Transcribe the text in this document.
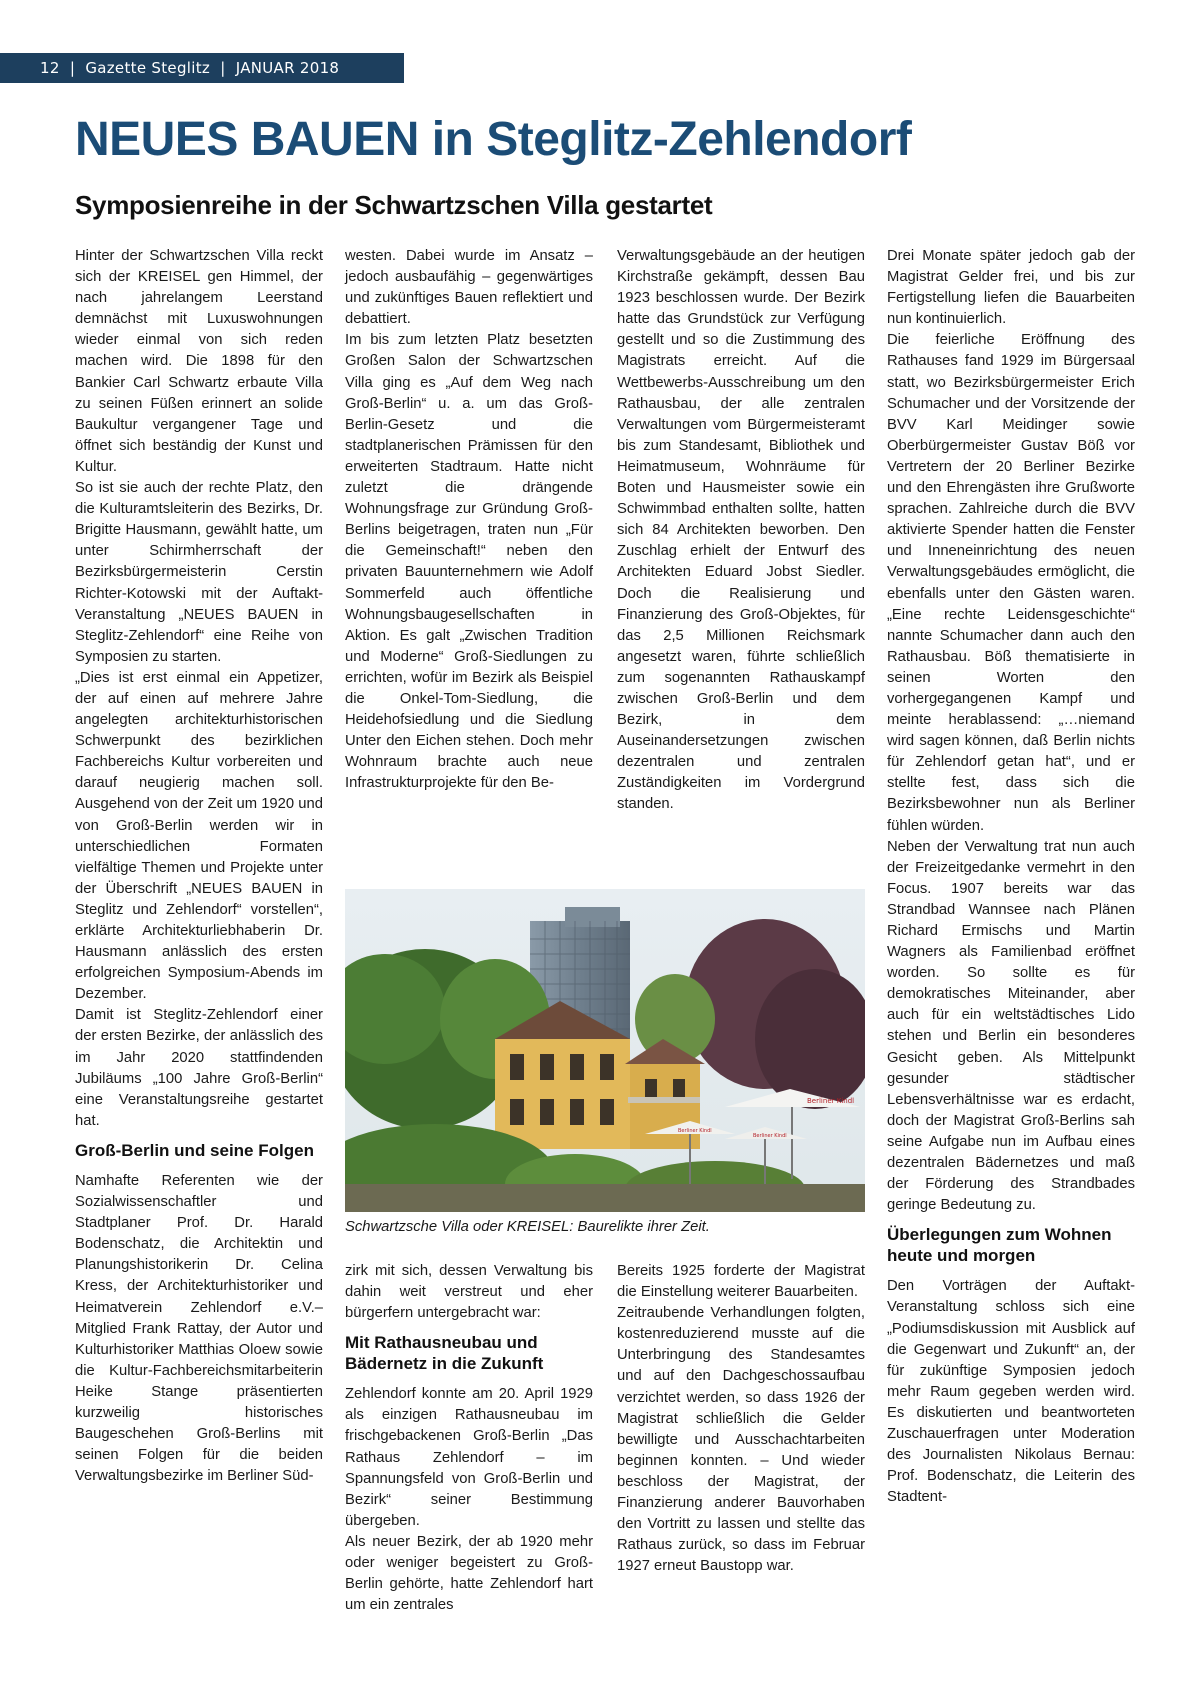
12  |  Gazette Steglitz  |  JANUAR 2018
NEUES BAUEN in Steglitz-Zehlendorf
Symposienreihe in der Schwartzschen Villa gestartet

Hinter der Schwartzschen Villa reckt sich der KREISEL gen Himmel, der nach jahrelangem Leerstand demnächst mit Luxuswohnungen wieder einmal von sich reden machen wird. Die 1898 für den Bankier Carl Schwartz erbaute Villa zu seinen Füßen erinnert an solide Baukultur vergangener Tage und öffnet sich beständig der Kunst und Kultur.

So ist sie auch der rechte Platz, den die Kulturamtsleiterin des Bezirks, Dr. Brigitte Hausmann, gewählt hatte, um unter Schirmherrschaft der Bezirksbürgermeisterin Cerstin Richter-Kotowski mit der Auftakt-Veranstaltung „NEUES BAUEN in Steglitz-Zehlendorf“ eine Reihe von Symposien zu starten.

„Dies ist erst einmal ein Appetizer, der auf einen auf mehrere Jahre angelegten architekturhistorischen Schwerpunkt des bezirklichen Fachbereichs Kultur vorbereiten und darauf neugierig machen soll. Ausgehend von der Zeit um 1920 und von Groß-Berlin werden wir in unterschiedlichen Formaten vielfältige Themen und Projekte unter der Überschrift „NEUES BAUEN in Steglitz und Zehlendorf“ vorstellen“, erklärte Architekturliebhaberin Dr. Hausmann anlässlich des ersten erfolgreichen Symposium-Abends im Dezember.

Damit ist Steglitz-Zehlendorf einer der ersten Bezirke, der anlässlich des im Jahr 2020 stattfindenden Jubiläums „100 Jahre Groß-Berlin“ eine Veranstaltungsreihe gestartet hat.

Groß-Berlin und seine Folgen

Namhafte Referenten wie der Sozialwissenschaftler und Stadtplaner Prof. Dr. Harald Bodenschatz, die Architektin und Planungshistorikerin Dr. Celina Kress, der Architekturhistoriker und Heimatverein Zehlendorf e.V.–Mitglied Frank Rattay, der Autor und Kulturhistoriker Matthias Oloew sowie die Kultur-Fachbereichsmitarbeiterin Heike Stange präsentierten kurzweilig historisches Baugeschehen Groß-Berlins mit seinen Folgen für die beiden Verwaltungsbezirke im Berliner Süd-

westen. Dabei wurde im Ansatz – jedoch ausbaufähig – gegenwärtiges und zukünftiges Bauen reflektiert und debattiert.

Im bis zum letzten Platz besetzten Großen Salon der Schwartzschen Villa ging es „Auf dem Weg nach Groß-Berlin“ u. a. um das Groß-Berlin-Gesetz und die stadtplanerischen Prämissen für den erweiterten Stadtraum. Hatte nicht zuletzt die drängende Wohnungsfrage zur Gründung Groß-Berlins beigetragen, traten nun „Für die Gemeinschaft!“ neben den privaten Bauunternehmern wie Adolf Sommerfeld auch öffentliche Wohnungsbaugesellschaften in Aktion. Es galt „Zwischen Tradition und Moderne“ Groß-Siedlungen zu errichten, wofür im Bezirk als Beispiel die Onkel-Tom-Siedlung, die Heidehofsiedlung und die Siedlung Unter den Eichen stehen. Doch mehr Wohnraum brachte auch neue Infrastrukturprojekte für den Be-

Verwaltungsgebäude an der heutigen Kirchstraße gekämpft, dessen Bau 1923 beschlossen wurde. Der Bezirk hatte das Grundstück zur Verfügung gestellt und so die Zustimmung des Magistrats erreicht. Auf die Wettbewerbs-Ausschreibung um den Rathausbau, der alle zentralen Verwaltungen vom Bürgermeisteramt bis zum Standesamt, Bibliothek und Heimatmuseum, Wohnräume für Boten und Hausmeister sowie ein Schwimmbad enthalten sollte, hatten sich 84 Architekten beworben. Den Zuschlag erhielt der Entwurf des Architekten Eduard Jobst Siedler. Doch die Realisierung und Finanzierung des Groß-Objektes, für das 2,5 Millionen Reichsmark angesetzt waren, führte schließlich zum sogenannten Rathauskampf zwischen Groß-Berlin und dem Bezirk, in dem Auseinandersetzungen zwischen dezentralen und zentralen Zuständigkeiten im Vordergrund standen.

Drei Monate später jedoch gab der Magistrat Gelder frei, und bis zur Fertigstellung liefen die Bauarbeiten nun kontinuierlich.

Die feierliche Eröffnung des Rathauses fand 1929 im Bürgersaal statt, wo Bezirksbürgermeister Erich Schumacher und der Vorsitzende der BVV Karl Meidinger sowie Oberbürgermeister Gustav Böß vor Vertretern der 20 Berliner Bezirke und den Ehrengästen ihre Grußworte sprachen. Zahlreiche durch die BVV aktivierte Spender hatten die Fenster und Inneneinrichtung des neuen Verwaltungsgebäudes ermöglicht, die ebenfalls unter den Gästen waren. „Eine rechte Leidensgeschichte“ nannte Schumacher dann auch den Rathausbau. Böß thematisierte in seinen Worten den vorhergegangenen Kampf und meinte herablassend: „…niemand wird sagen können, daß Berlin nichts für Zehlendorf getan hat“, und er stellte fest, dass sich die Bezirksbewohner nun als Berliner fühlen würden.

Neben der Verwaltung trat nun auch der Freizeitgedanke vermehrt in den Focus. 1907 bereits war das Strandbad Wannsee nach Plänen Richard Ermischs und Martin Wagners als Familienbad eröffnet worden. So sollte es für demokratisches Miteinander, aber auch für ein weltstädtisches Lido stehen und Berlin ein besonderes Gesicht geben. Als Mittelpunkt gesunder städtischer Lebensverhältnisse war es erdacht, doch der Magistrat Groß-Berlins sah seine Aufgabe nun im Aufbau eines dezentralen Bädernetzes und maß der Förderung des Strandbades geringe Bedeutung zu.

Überlegungen zum Wohnen heute und morgen

Den Vorträgen der Auftakt-Veranstaltung schloss sich eine „Podiumsdiskussion mit Ausblick auf die Gegenwart und Zukunft“ an, der für zukünftige Symposien jedoch mehr Raum gegeben werden wird. Es diskutierten und beantworteten Zuschauerfragen unter Moderation des Journalisten Nikolaus Bernau: Prof. Bodenschatz, die Leiterin des Stadtent-

Berliner Kindl
Berliner Kindl
Berliner Kindl
Schwartzsche Villa oder KREISEL: Baurelikte ihrer Zeit.

zirk mit sich, dessen Verwaltung bis dahin weit verstreut und eher bürgerfern untergebracht war:

Mit Rathausneubau und Bädernetz in die Zukunft

Zehlendorf konnte am 20. April 1929 als einzigen Rathausneubau im frischgebackenen Groß-Berlin „Das Rathaus Zehlendorf – im Spannungsfeld von Groß-Berlin und Bezirk“ seiner Bestimmung übergeben.

Als neuer Bezirk, der ab 1920 mehr oder weniger begeistert zu Groß-Berlin gehörte, hatte Zehlendorf hart um ein zentrales

Bereits 1925 forderte der Magistrat die Einstellung weiterer Bauarbeiten.

Zeitraubende Verhandlungen folgten, kostenreduzierend musste auf die Unterbringung des Standesamtes und auf den Dachgeschossaufbau verzichtet werden, so dass 1926 der Magistrat schließlich die Gelder bewilligte und Ausschachtarbeiten beginnen konnten. – Und wieder beschloss der Magistrat, der Finanzierung anderer Bauvorhaben den Vortritt zu lassen und stellte das Rathaus zurück, so dass im Februar 1927 erneut Baustopp war.
